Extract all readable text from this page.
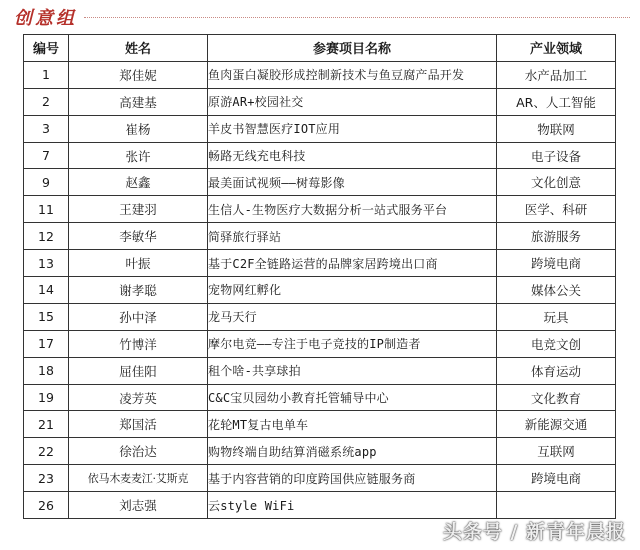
创意组
编号	姓名	参赛项目名称	产业领域
1	郑佳妮	鱼肉蛋白凝胶形成控制新技术与鱼豆腐产品开发	水产品加工
2	高建基	原游AR+校园社交	AR、人工智能
3	崔杨	羊皮书智慧医疗IOT应用	物联网
7	张许	畅路无线充电科技	电子设备
9	赵鑫	最美面试视频——树莓影像	文化创意
11	王建羽	生信人-生物医疗大数据分析一站式服务平台	医学、科研
12	李敏华	简驿旅行驿站	旅游服务
13	叶振	基于C2F全链路运营的品牌家居跨境出口商	跨境电商
14	谢孝聪	宠物网红孵化	媒体公关
15	孙中泽	龙马天行	玩具
17	竹博洋	摩尔电竞——专注于电子竞技的IP制造者	电竞文创
18	屈佳阳	租个啥-共享球拍	体育运动
19	凌芳英	C&C宝贝园幼小教育托管辅导中心	文化教育
21	郑国活	花轮MT复古电单车	新能源交通
22	徐治达	购物终端自助结算消磁系统app	互联网
23	依马木麦麦江·艾斯克	基于内容营销的印度跨国供应链服务商	跨境电商
26	刘志强	云style WiFi	
头条号 / 新青年晨报
